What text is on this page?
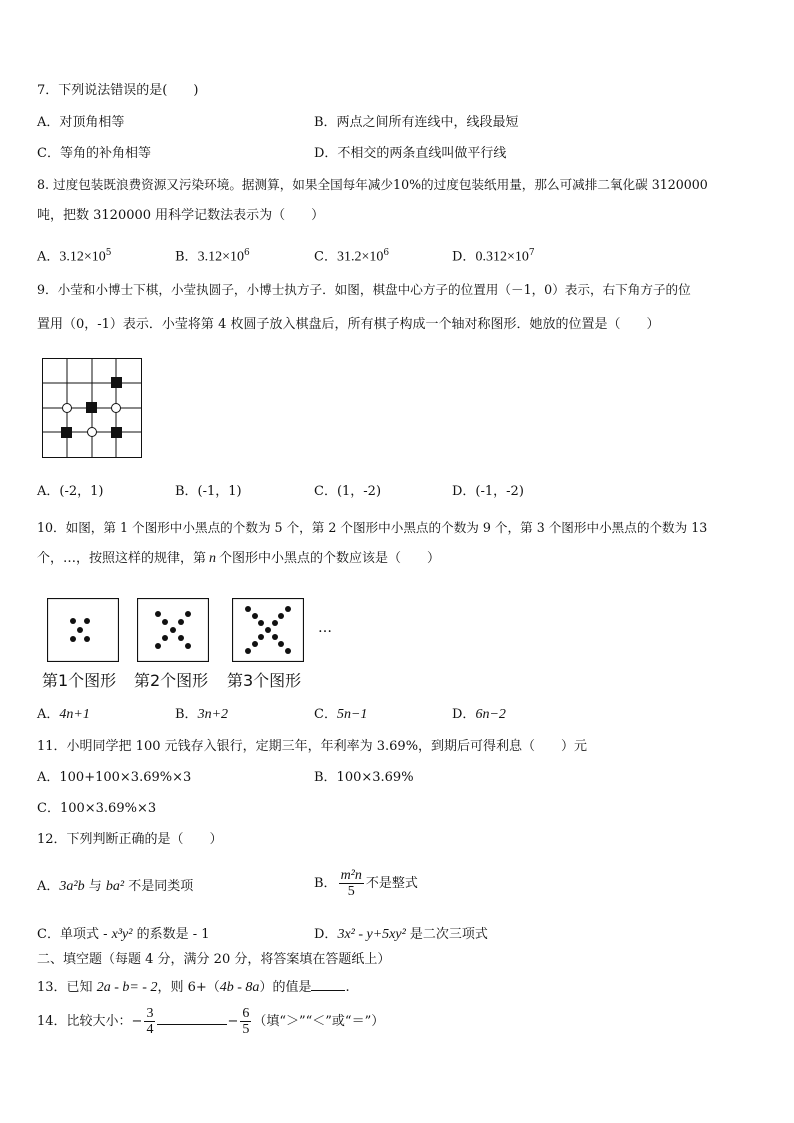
7．下列说法错误的是(　　)
A．对顶角相等	B．两点之间所有连线中，线段最短
C．等角的补角相等	D．不相交的两条直线叫做平行线
8. 过度包装既浪费资源又污染环境。据测算，如果全国每年减少10%的过度包装纸用量，那么可减排二氧化碳 3120000
吨，把数 3120000 用科学记数法表示为（　　）
A．$3.12\times 10^5$	B．$3.12\times 10^6$	C．$31.2\times 10^6$	D．$0.312\times 10^7$
9．小莹和小博士下棋，小莹执圆子，小博士执方子．如图，棋盘中心方子的位置用（－1，0）表示，右下角方子的位
置用（0，-1）表示．小莹将第 4 枚圆子放入棋盘后，所有棋子构成一个轴对称图形．她放的位置是（　　）
A．(-2，1)	B．(-1，1)	C．(1，-2)	D．(-1，-2)
10．如图，第 1 个图形中小黑点的个数为 5 个，第 2 个图形中小黑点的个数为 9 个，第 3 个图形中小黑点的个数为 13
个，…，按照这样的规律，第 n 个图形中小黑点的个数应该是（　　）
…
第1个图形 第2个图形 第3个图形
A．4n+1	B．3n+2	C．5n−1	D．6n−2
11．小明同学把 100 元钱存入银行，定期三年，年利率为 3.69%，到期后可得利息（　　）元
A．100+100×3.69%×3	B．100×3.69%
C．100×3.69%×3
12．下列判断正确的是（　　）
A．3a²b 与 ba² 不是同类项	B． $\frac{\text{m²n}}{5}$ 不是整式
C．单项式 - x³y² 的系数是 - 1	D．3x² - y+5xy² 是二次三项式
二、填空题（每题 4 分，满分 20 分，将答案填在答题纸上）
13．已知 2a - b= - 2，则 6+（4b - 8a）的值是	.
14．比较大小：− $\frac{3}{4}$	− $\frac{6}{5}$ （填“＞”“＜”或“＝”）
